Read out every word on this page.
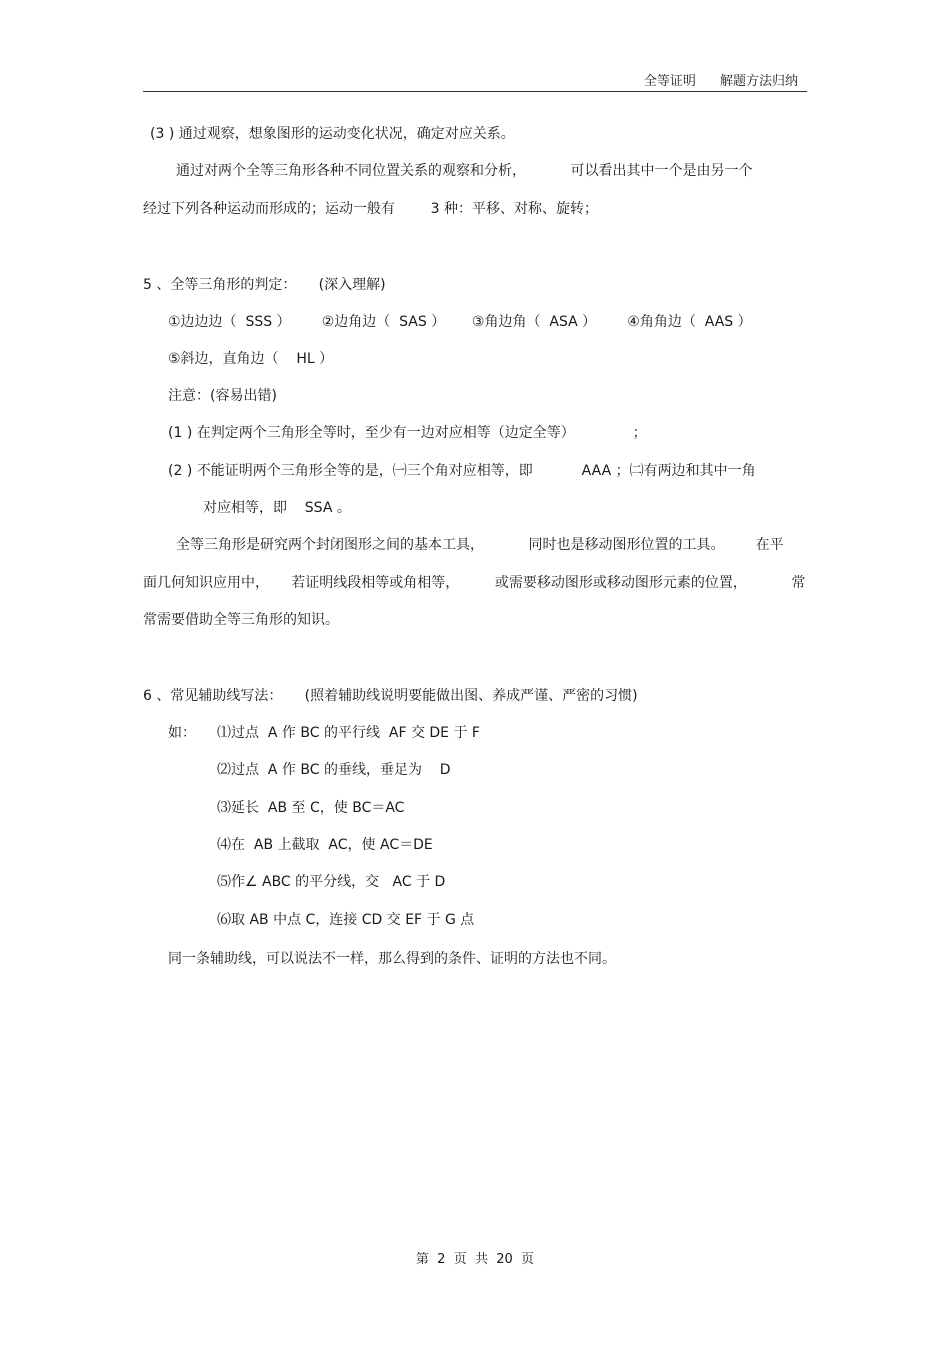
全等证明 解题方法归纳
(3 ) 通过观察，想象图形的运动变化状况，确定对应关系。
通过对两个全等三角形各种不同位置关系的观察和分析，          可以看出其中一个是由另一个
经过下列各种运动而形成的；运动一般有        3 种：平移、对称、旋转；
5 、全等三角形的判定：     (深入理解)
①边边边（  SSS ）       ②边角边（  SAS ）      ③角边角（  ASA ）       ④角角边（  AAS ）
⑤斜边，直角边（    HL ）
注意：(容易出错)
(1 ) 在判定两个三角形全等时，至少有一边对应相等（边定全等）             ；
(2 ) 不能证明两个三角形全等的是，㈠三个角对应相等，即           AAA ；㈡有两边和其中一角
对应相等，即    SSA 。
全等三角形是研究两个封闭图形之间的基本工具，          同时也是移动图形位置的工具。       在平
面几何知识应用中，     若证明线段相等或角相等，        或需要移动图形或移动图形元素的位置，          常
常需要借助全等三角形的知识。
6 、常见辅助线写法：     (照着辅助线说明要能做出图、养成严谨、严密的习惯)
如： ⑴过点  A 作 BC 的平行线  AF 交 DE 于 F
⑵过点  A 作 BC 的垂线，垂足为    D
⑶延长  AB 至 C，使 BC＝AC
⑷在  AB 上截取  AC，使 AC＝DE
⑸作∠ ABC 的平分线，交   AC 于 D
⑹取 AB 中点 C，连接 CD 交 EF 于 G 点
同一条辅助线，可以说法不一样，那么得到的条件、证明的方法也不同。
第  2  页  共  20  页
